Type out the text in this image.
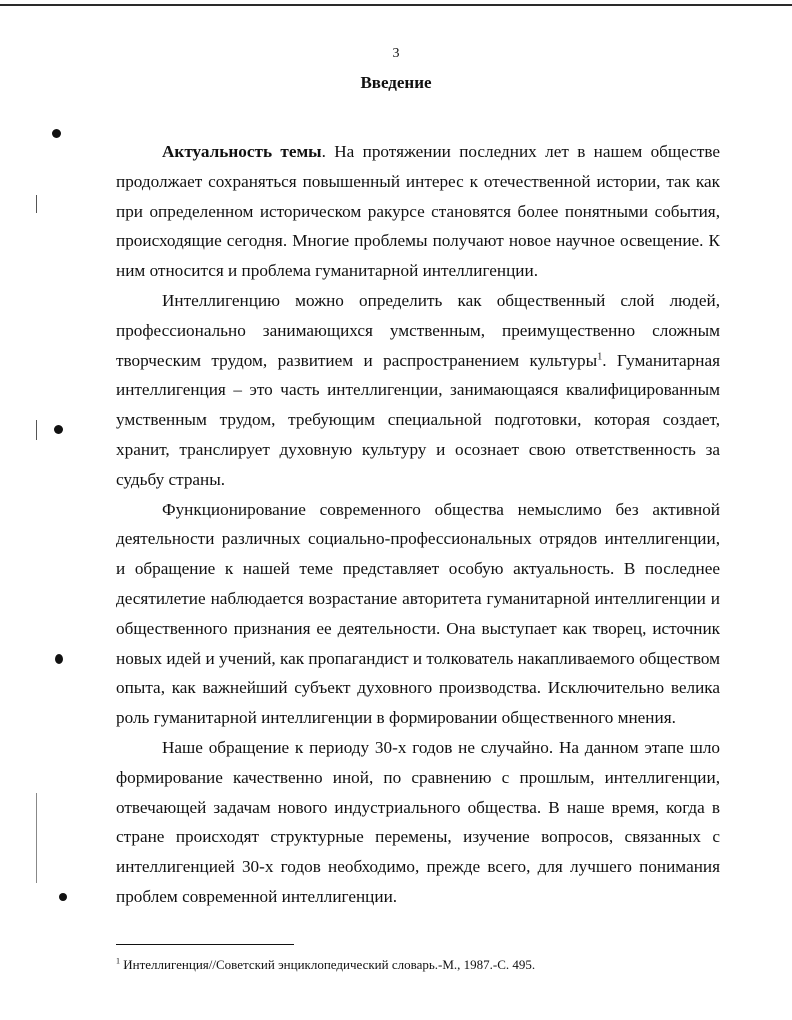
3
Введение

Актуальность темы. На протяжении последних лет в нашем обществе продолжает сохраняться повышенный интерес к отечественной истории, так как при определенном историческом ракурсе становятся более понятными события, происходящие сегодня. Многие проблемы получают новое научное освещение. К ним относится и проблема гуманитарной интеллигенции.

Интеллигенцию можно определить как общественный слой людей, профессионально занимающихся умственным, преимущественно сложным творческим трудом, развитием и распространением культуры$^1$. Гуманитарная интеллигенция – это часть интеллигенции, занимающаяся квалифицированным умственным трудом, требующим специальной подготовки, которая создает, хранит, транслирует духовную культуру и осознает свою ответственность за судьбу страны.

Функционирование современного общества немыслимо без активной деятельности различных социально-профессиональных отрядов интеллигенции, и обращение к нашей теме представляет особую актуальность. В последнее десятилетие наблюдается возрастание авторитета гуманитарной интеллигенции и общественного признания ее деятельности. Она выступает как творец, источник новых идей и учений, как пропагандист и толкователь накапливаемого обществом опыта, как важнейший субъект духовного производства. Исключительно велика роль гуманитарной интеллигенции в формировании общественного мнения.

Наше обращение к периоду 30-х годов не случайно. На данном этапе шло формирование качественно иной, по сравнению с прошлым, интеллигенции, отвечающей задачам нового индустриального общества. В наше время, когда в стране происходят структурные перемены, изучение вопросов, связанных с интеллигенцией 30-х годов необходимо, прежде всего, для лучшего понимания проблем современной интеллигенции.

$^1$ Интеллигенция//Советский энциклопедический словарь.-М., 1987.-С. 495.
